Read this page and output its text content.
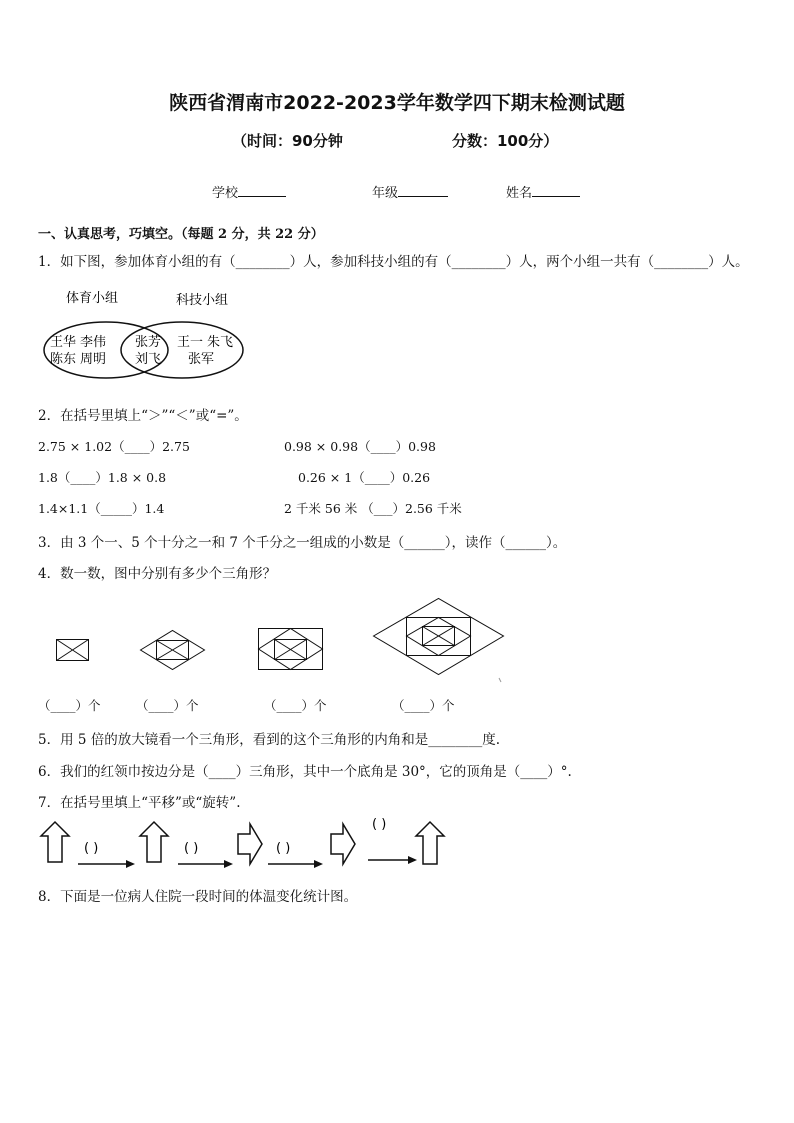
陕西省渭南市2022-2023学年数学四下期末检测试题
（时间：90分钟	分数：100分）
学校	年级	姓名
一、认真思考，巧填空。（每题 2 分，共 22 分）
1．如下图，参加体育小组的有（________）人，参加科技小组的有（________）人，两个小组一共有（________）人。
体育小组	科技小组
王华 李伟
陈东 周明
张芳
刘飞
王一 朱飞
张军
2．在括号里填上“＞”“＜”或“=”。
2.75 × 1.02（____）2.75	0.98 × 0.98（____）0.98
1.8（____）1.8 × 0.8	0.26 × 1（____）0.26
1.4×1.1（_____）1.4	2 千米 56 米 （___）2.56 千米
3．由 3 个一、5 个十分之一和 7 个千分之一组成的小数是（______），读作（______）。
4．数一数，图中分别有多少个三角形？
（____）个	（____）个	（____）个	（____）个
5．用 5 倍的放大镜看一个三角形，看到的这个三角形的内角和是________度.
6．我们的红领巾按边分是（____）三角形，其中一个底角是 30°，它的顶角是（____）°.
7．在括号里填上“平移”或“旋转”.
( )	( )	( )
( )
8．下面是一位病人住院一段时间的体温变化统计图。
